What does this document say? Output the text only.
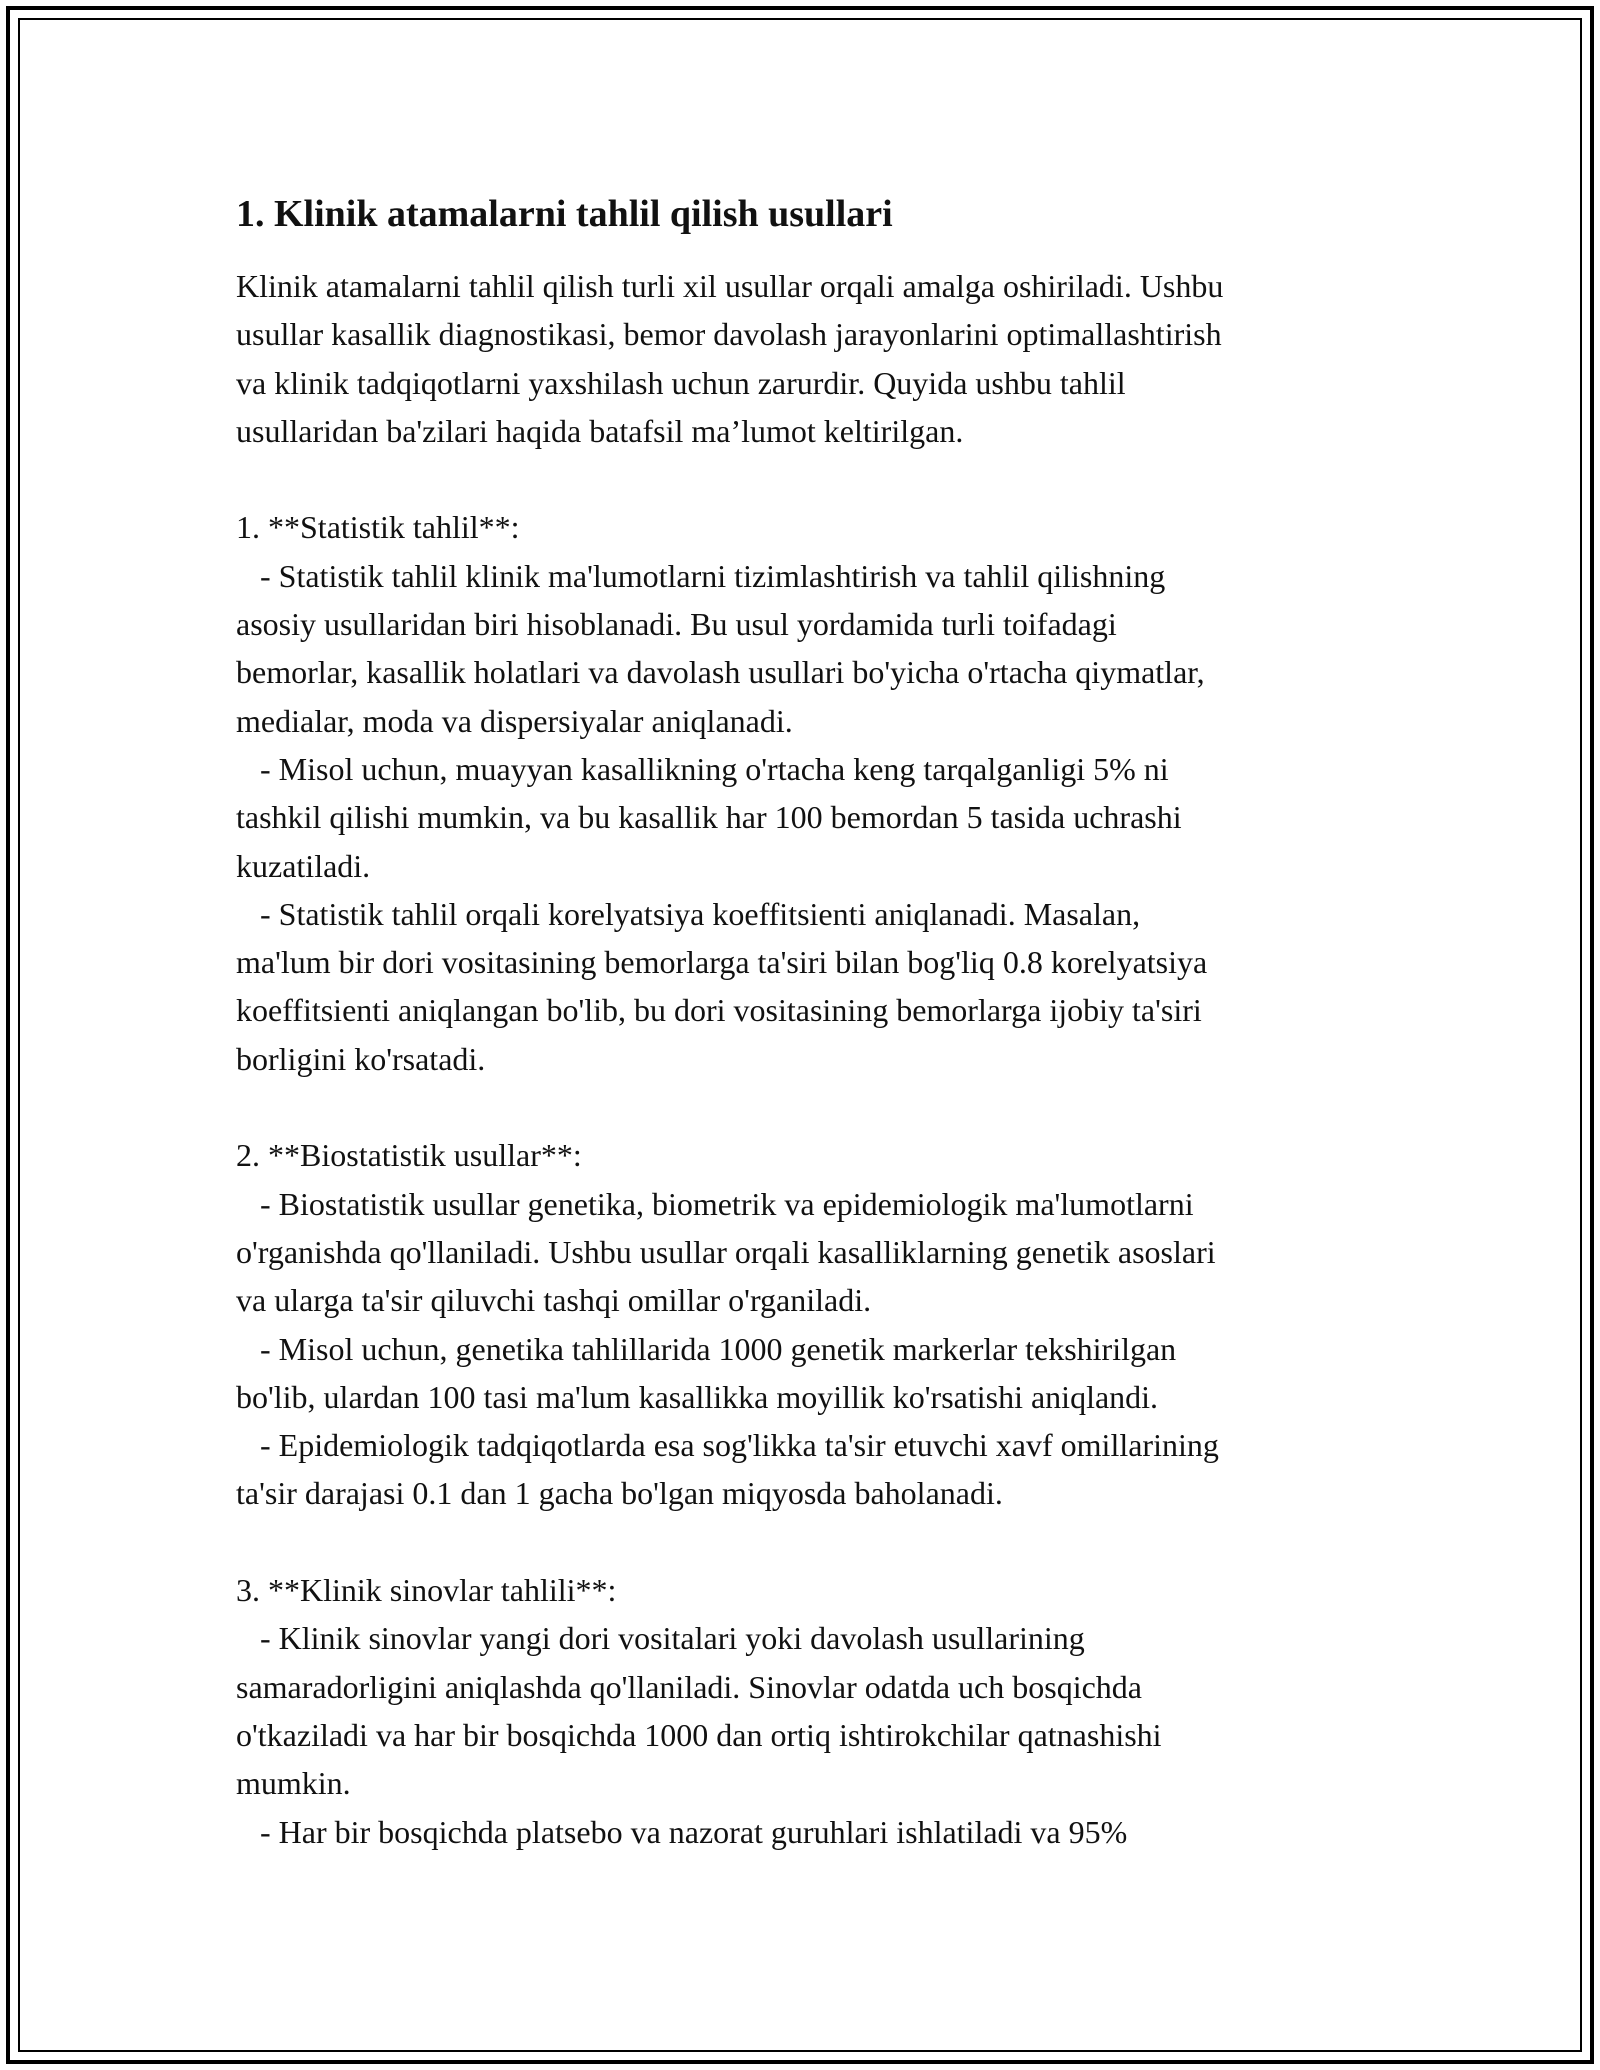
1. Klinik atamalarni tahlil qilish usullari
Klinik atamalarni tahlil qilish turli xil usullar orqali amalga oshiriladi. Ushbu
usullar kasallik diagnostikasi, bemor davolash jarayonlarini optimallashtirish
va klinik tadqiqotlarni yaxshilash uchun zarurdir. Quyida ushbu tahlil
usullaridan ba'zilari haqida batafsil ma’lumot keltirilgan.
1. **Statistik tahlil**:
- Statistik tahlil klinik ma'lumotlarni tizimlashtirish va tahlil qilishning
asosiy usullaridan biri hisoblanadi. Bu usul yordamida turli toifadagi
bemorlar, kasallik holatlari va davolash usullari bo'yicha o'rtacha qiymatlar,
medialar, moda va dispersiyalar aniqlanadi.
- Misol uchun, muayyan kasallikning o'rtacha keng tarqalganligi 5% ni
tashkil qilishi mumkin, va bu kasallik har 100 bemordan 5 tasida uchrashi
kuzatiladi.
- Statistik tahlil orqali korelyatsiya koeffitsienti aniqlanadi. Masalan,
ma'lum bir dori vositasining bemorlarga ta'siri bilan bog'liq 0.8 korelyatsiya
koeffitsienti aniqlangan bo'lib, bu dori vositasining bemorlarga ijobiy ta'siri
borligini ko'rsatadi.
2. **Biostatistik usullar**:
- Biostatistik usullar genetika, biometrik va epidemiologik ma'lumotlarni
o'rganishda qo'llaniladi. Ushbu usullar orqali kasalliklarning genetik asoslari
va ularga ta'sir qiluvchi tashqi omillar o'rganiladi.
- Misol uchun, genetika tahlillarida 1000 genetik markerlar tekshirilgan
bo'lib, ulardan 100 tasi ma'lum kasallikka moyillik ko'rsatishi aniqlandi.
- Epidemiologik tadqiqotlarda esa sog'likka ta'sir etuvchi xavf omillarining
ta'sir darajasi 0.1 dan 1 gacha bo'lgan miqyosda baholanadi.
3. **Klinik sinovlar tahlili**:
- Klinik sinovlar yangi dori vositalari yoki davolash usullarining
samaradorligini aniqlashda qo'llaniladi. Sinovlar odatda uch bosqichda
o'tkaziladi va har bir bosqichda 1000 dan ortiq ishtirokchilar qatnashishi
mumkin.
- Har bir bosqichda platsebo va nazorat guruhlari ishlatiladi va 95%
